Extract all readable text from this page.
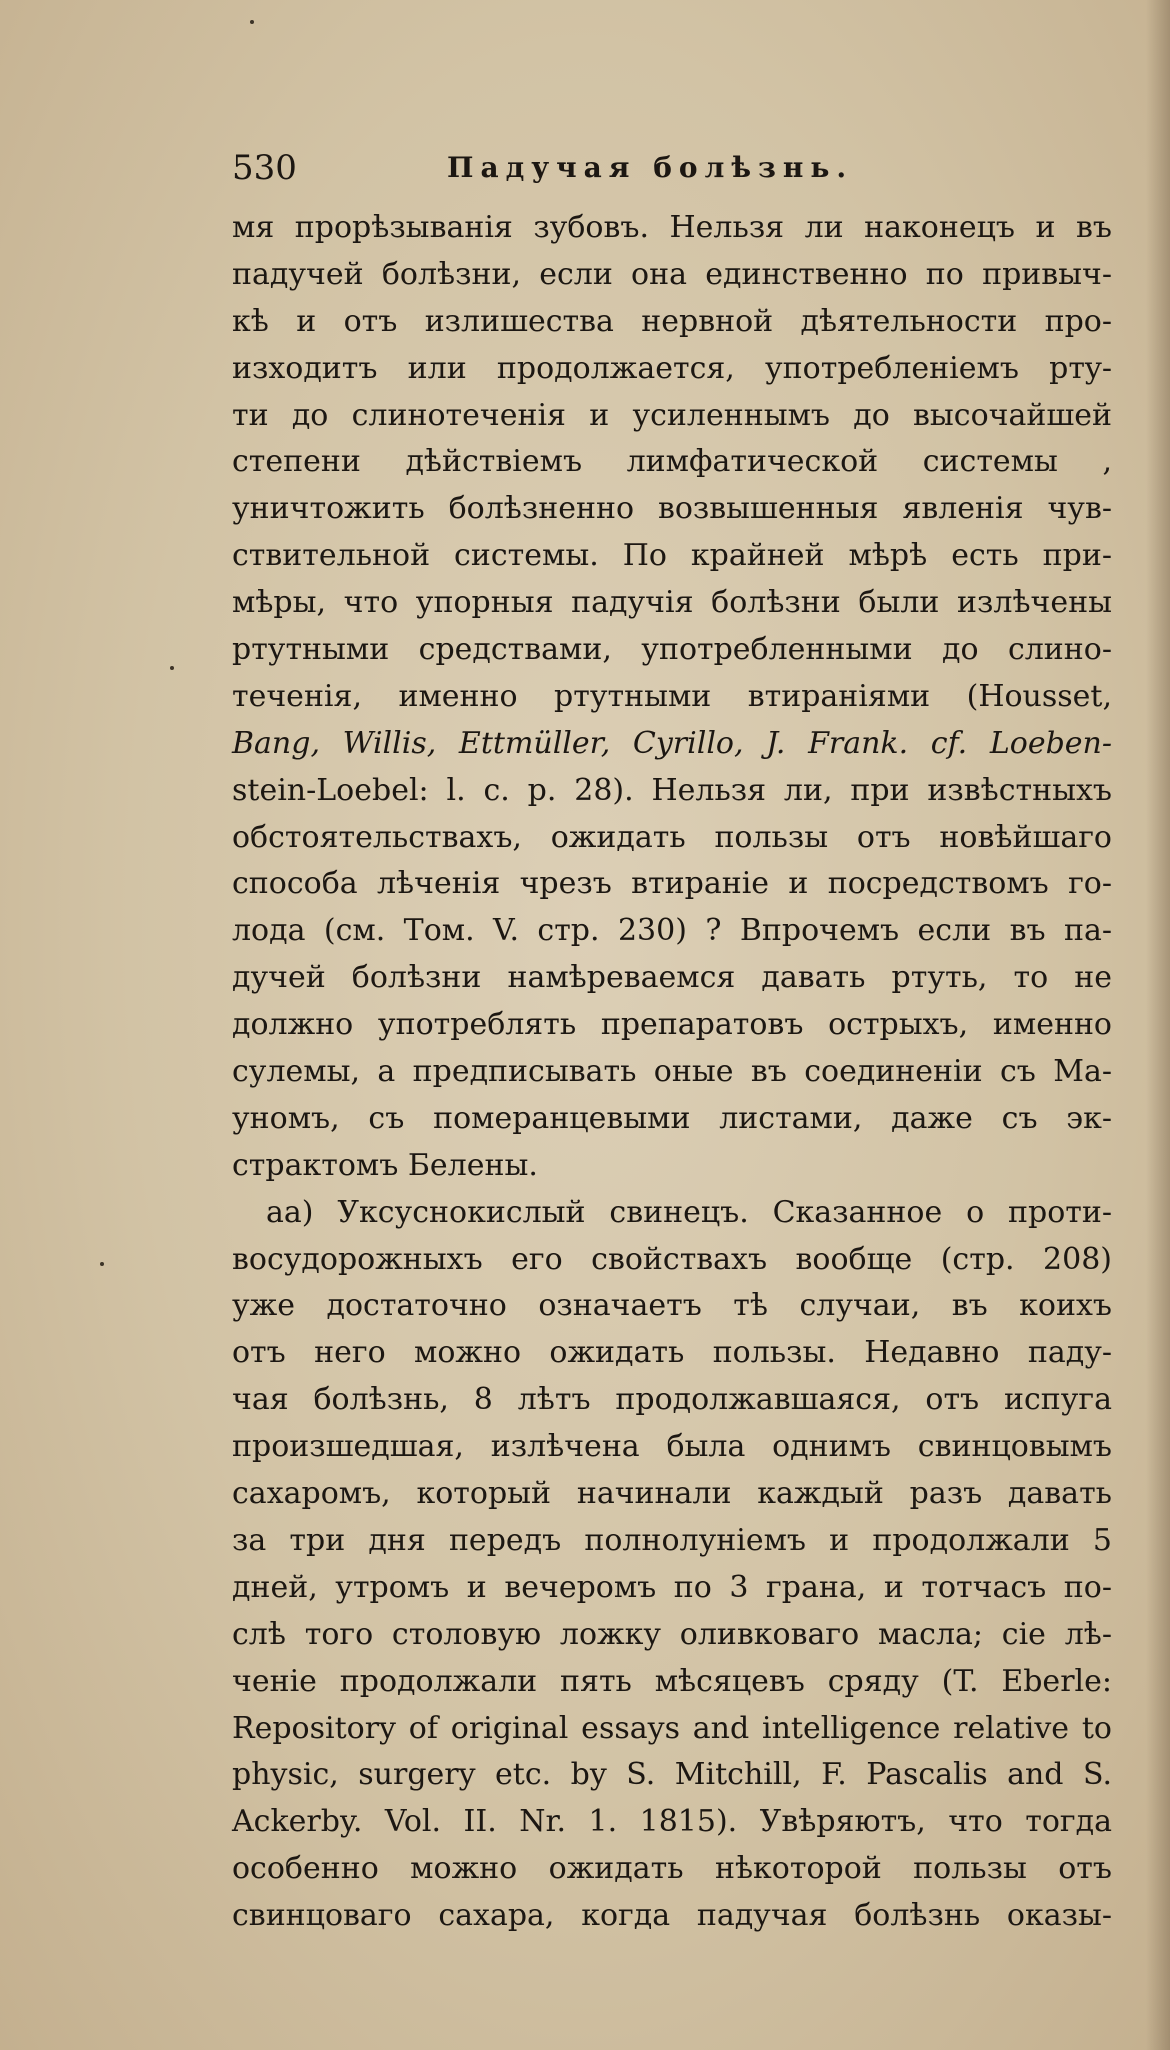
530	Падучая болѣзнь.
мя прорѣзыванія зубовъ. Нельзя ли наконецъ и въ
падучей болѣзни, если она единственно по привыч-
кѣ и отъ излишества нервной дѣятельности про-
изходитъ или продолжается, употребленіемъ ртy-
ти до слинотеченія и усиленнымъ до высочайшей
степени дѣйствіемъ лимфатической системы ,
уничтожить болѣзненно возвышенныя явленія чув-
ствительной системы. По крайней мѣрѣ есть при-
мѣры, что упорныя падучія болѣзни были излѣчены
ртутными средствами, употребленными до слино-
теченія, именно ртутными втираніями (Housset,
Bang, Willis, Ettmüller, Cyrillo, J. Frank. cf. Loeben-
stein-Loebel: l. c. p. 28). Нельзя ли, при извѣстныхъ
обстоятельствахъ, ожидать пользы отъ новѣйшаго
способа лѣченія чрезъ втираніе и посредствомъ го-
лода (см. Том. V. стр. 230) ? Впрочемъ если въ па-
дучей болѣзни намѣреваемся давать ртуть, то не
должно употреблять препаратовъ острыхъ, именно
сулемы, а предписывать оные въ соединеніи съ Ма-
уномъ, съ померанцевыми листами, даже съ эк-
страктомъ Белены.
аа) Уксуснокислый свинецъ. Сказанное о проти-
восудорожныхъ его свойствахъ вообще (стр. 208)
уже достаточно означаетъ тѣ случаи, въ коихъ
отъ него можно ожидать пользы. Недавно паду-
чая болѣзнь, 8 лѣтъ продолжавшаяся, отъ испуга
произшедшая, излѣчена была однимъ свинцовымъ
сахаромъ, который начинали каждый разъ давать
за три дня передъ полнолуніемъ и продолжали 5
дней, утромъ и вечеромъ по 3 грана, и тотчасъ по-
слѣ того столовую ложку оливковаго масла; сіе лѣ-
ченіе продолжали пять мѣсяцевъ сряду (T. Eberle:
Repository of original essays and intelligence relative to
physic, surgery etc. by S. Mitchill, F. Pascalis and S.
Ackerby. Vol. II. Nr. 1. 1815). Увѣряютъ, что тогда
особенно можно ожидать нѣкоторой пользы отъ
свинцоваго сахара, когда падучая болѣзнь оказы-
